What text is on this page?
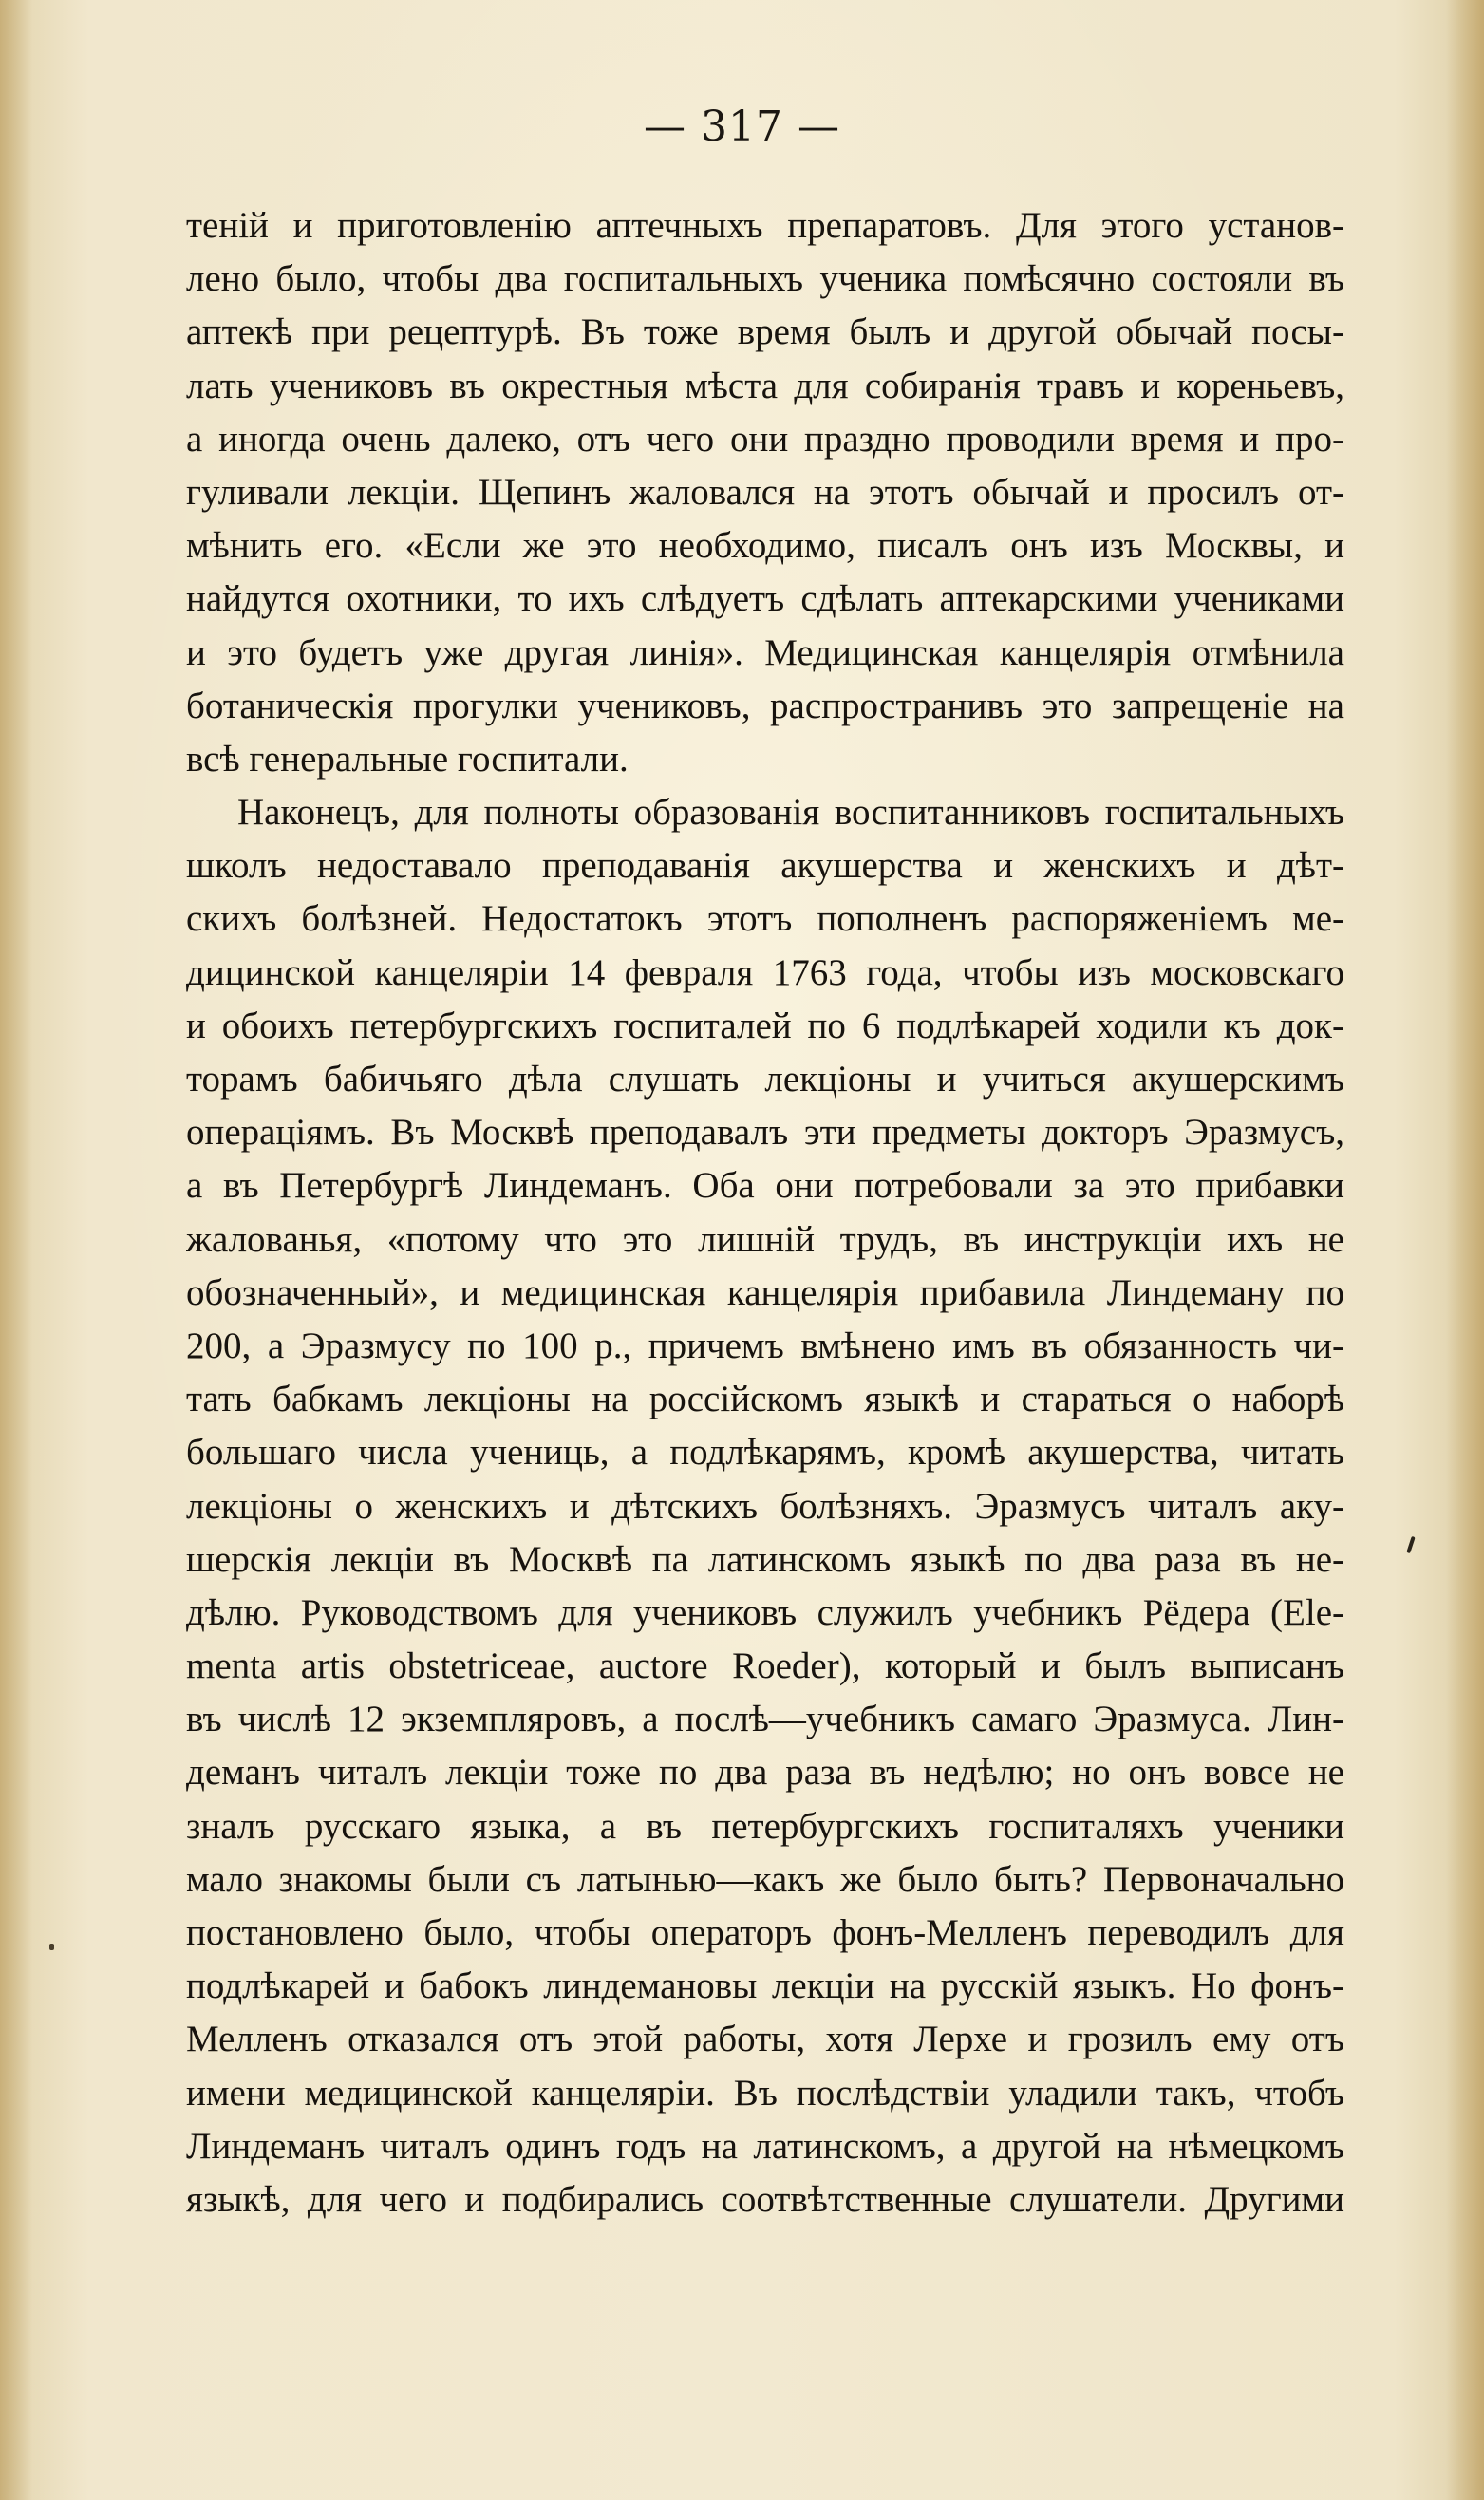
— 317 —
теній и приготовленію аптечныхъ препаратовъ. Для этого установ-
лено было, чтобы два госпитальныхъ ученика помѣсячно состояли въ
аптекѣ при рецептурѣ. Въ тоже время былъ и другой обычай посы-
лать учениковъ въ окрестныя мѣста для собиранія травъ и кореньевъ,
а иногда очень далеко, отъ чего они праздно проводили время и про-
гуливали лекціи. Щепинъ жаловался на этотъ обычай и просилъ от-
мѣнить его. «Если же это необходимо, писалъ онъ изъ Москвы, и
найдутся охотники, то ихъ слѣдуетъ сдѣлать аптекарскими учениками
и это будетъ уже другая линія». Медицинская канцелярія отмѣнила
ботаническія прогулки учениковъ, распространивъ это запрещеніе на
всѣ генеральные госпитали.
Наконецъ, для полноты образованія воспитанниковъ госпитальныхъ
школъ недоставало преподаванія акушерства и женскихъ и дѣт-
скихъ болѣзней. Недостатокъ этотъ пополненъ распоряженіемъ ме-
дицинской канцеляріи 14 февраля 1763 года, чтобы изъ московскаго
и обоихъ петербургскихъ госпиталей по 6 подлѣкарей ходили къ док-
торамъ бабичьяго дѣла слушать лекціоны и учиться акушерскимъ
операціямъ. Въ Москвѣ преподавалъ эти предметы докторъ Эразмусъ,
а въ Петербургѣ Линдеманъ. Оба они потребовали за это прибавки
жалованья, «потому что это лишній трудъ, въ инструкціи ихъ не
обозначенный», и медицинская канцелярія прибавила Линдеману по
200, а Эразмусу по 100 р., причемъ вмѣнено имъ въ обязанность чи-
тать бабкамъ лекціоны на россійскомъ языкѣ и стараться о наборѣ
большаго числа учениць, а подлѣкарямъ, кромѣ акушерства, читать
лекціоны о женскихъ и дѣтскихъ болѣзняхъ. Эразмусъ читалъ аку-
шерскія лекціи въ Москвѣ па латинскомъ языкѣ по два раза въ не-
дѣлю. Руководствомъ для учениковъ служилъ учебникъ Рёдера (Ele-
menta artis obstetriceae, auctore Roeder), который и былъ выписанъ
въ числѣ 12 экземпляровъ, а послѣ—учебникъ самаго Эразмуса. Лин-
деманъ читалъ лекціи тоже по два раза въ недѣлю; но онъ вовсе не
зналъ русскаго языка, а въ петербургскихъ госпиталяхъ ученики
мало знакомы были съ латынью—какъ же было быть? Первоначально
постановлено было, чтобы операторъ фонъ-Мелленъ переводилъ для
подлѣкарей и бабокъ линдемановы лекціи на русскій языкъ. Но фонъ-
Мелленъ отказался отъ этой работы, хотя Лерхе и грозилъ ему отъ
имени медицинской канцеляріи. Въ послѣдствіи уладили такъ, чтобъ
Линдеманъ читалъ одинъ годъ на латинскомъ, а другой на нѣмецкомъ
языкѣ, для чего и подбирались соотвѣтственные слушатели. Другими
